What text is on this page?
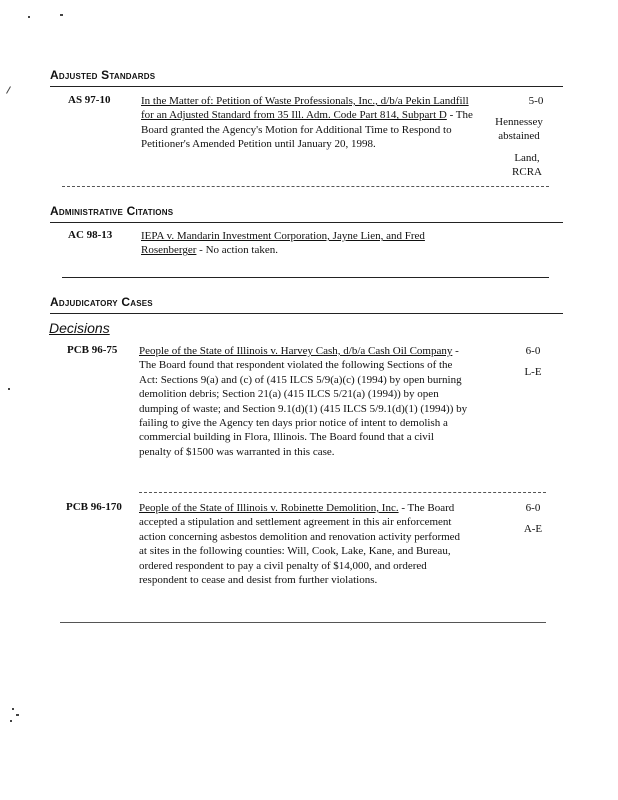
Adjusted Standards
AS 97-10	In the Matter of: Petition of Waste Professionals, Inc., d/b/a Pekin Landfill for an Adjusted Standard from 35 Ill. Adm. Code Part 814, Subpart D - The Board granted the Agency's Motion for Additional Time to Respond to Petitioner's Amended Petition until January 20, 1998.
5-0
Hennessey abstained
Land, RCRA
Administrative Citations
AC 98-13	IEPA v. Mandarin Investment Corporation, Jayne Lien, and Fred Rosenberger - No action taken.
Adjudicatory Cases
Decisions
PCB 96-75 People of the State of Illinois v. Harvey Cash, d/b/a Cash Oil Company - The Board found that respondent violated the following Sections of the Act: Sections 9(a) and (c) of (415 ILCS 5/9(a)(c) (1994) by open burning demolition debris; Section 21(a) (415 ILCS 5/21(a) (1994)) by open dumping of waste; and Section 9.1(d)(1) (415 ILCS 5/9.1(d)(1) (1994)) by failing to give the Agency ten days prior notice of intent to demolish a commercial building in Flora, Illinois. The Board found that a civil penalty of $1500 was warranted in this case.
6-0
L-E
PCB 96-170 People of the State of Illinois v. Robinette Demolition, Inc. - The Board accepted a stipulation and settlement agreement in this air enforcement action concerning asbestos demolition and renovation activity performed at sites in the following counties: Will, Cook, Lake, Kane, and Bureau, ordered respondent to pay a civil penalty of $14,000, and ordered respondent to cease and desist from further violations.
6-0
A-E
